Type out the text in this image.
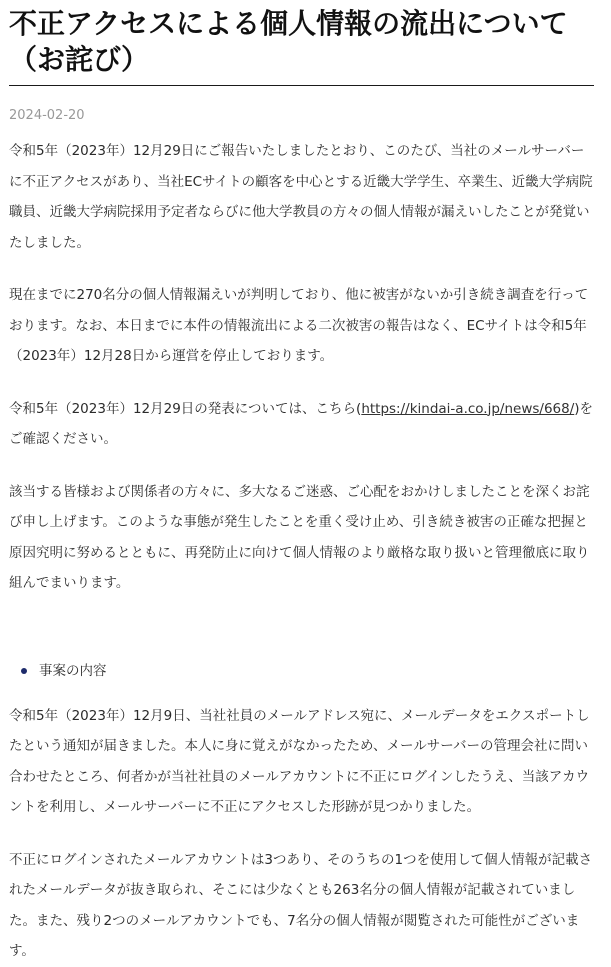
不正アクセスによる個人情報の流出について（お詫び）
2024-02-20

令和5年（2023年）12月29日にご報告いたしましたとおり、このたび、当社のメールサーバーに不正アクセスがあり、当社ECサイトの顧客を中心とする近畿大学学生、卒業生、近畿大学病院職員、近畿大学病院採用予定者ならびに他大学教員の方々の個人情報が漏えいしたことが発覚いたしました。

現在までに270名分の個人情報漏えいが判明しており、他に被害がないか引き続き調査を行っております。なお、本日までに本件の情報流出による二次被害の報告はなく、ECサイトは令和5年（2023年）12月28日から運営を停止しております。

令和5年（2023年）12月29日の発表については、こちら(https://kindai-a.co.jp/news/668/)をご確認ください。

該当する皆様および関係者の方々に、多大なるご迷惑、ご心配をおかけしましたことを深くお詫び申し上げます。このような事態が発生したことを重く受け止め、引き続き被害の正確な把握と原因究明に努めるとともに、再発防止に向けて個人情報のより厳格な取り扱いと管理徹底に取り組んでまいります。

事案の内容

令和5年（2023年）12月9日、当社社員のメールアドレス宛に、メールデータをエクスポートしたという通知が届きました。本人に身に覚えがなかったため、メールサーバーの管理会社に問い合わせたところ、何者かが当社社員のメールアカウントに不正にログインしたうえ、当該アカウントを利用し、メールサーバーに不正にアクセスした形跡が見つかりました。

不正にログインされたメールアカウントは3つあり、そのうちの1つを使用して個人情報が記載されたメールデータが抜き取られ、そこには少なくとも263名分の個人情報が記載されていました。また、残り2つのメールアカウントでも、7名分の個人情報が閲覧された可能性がございます。
